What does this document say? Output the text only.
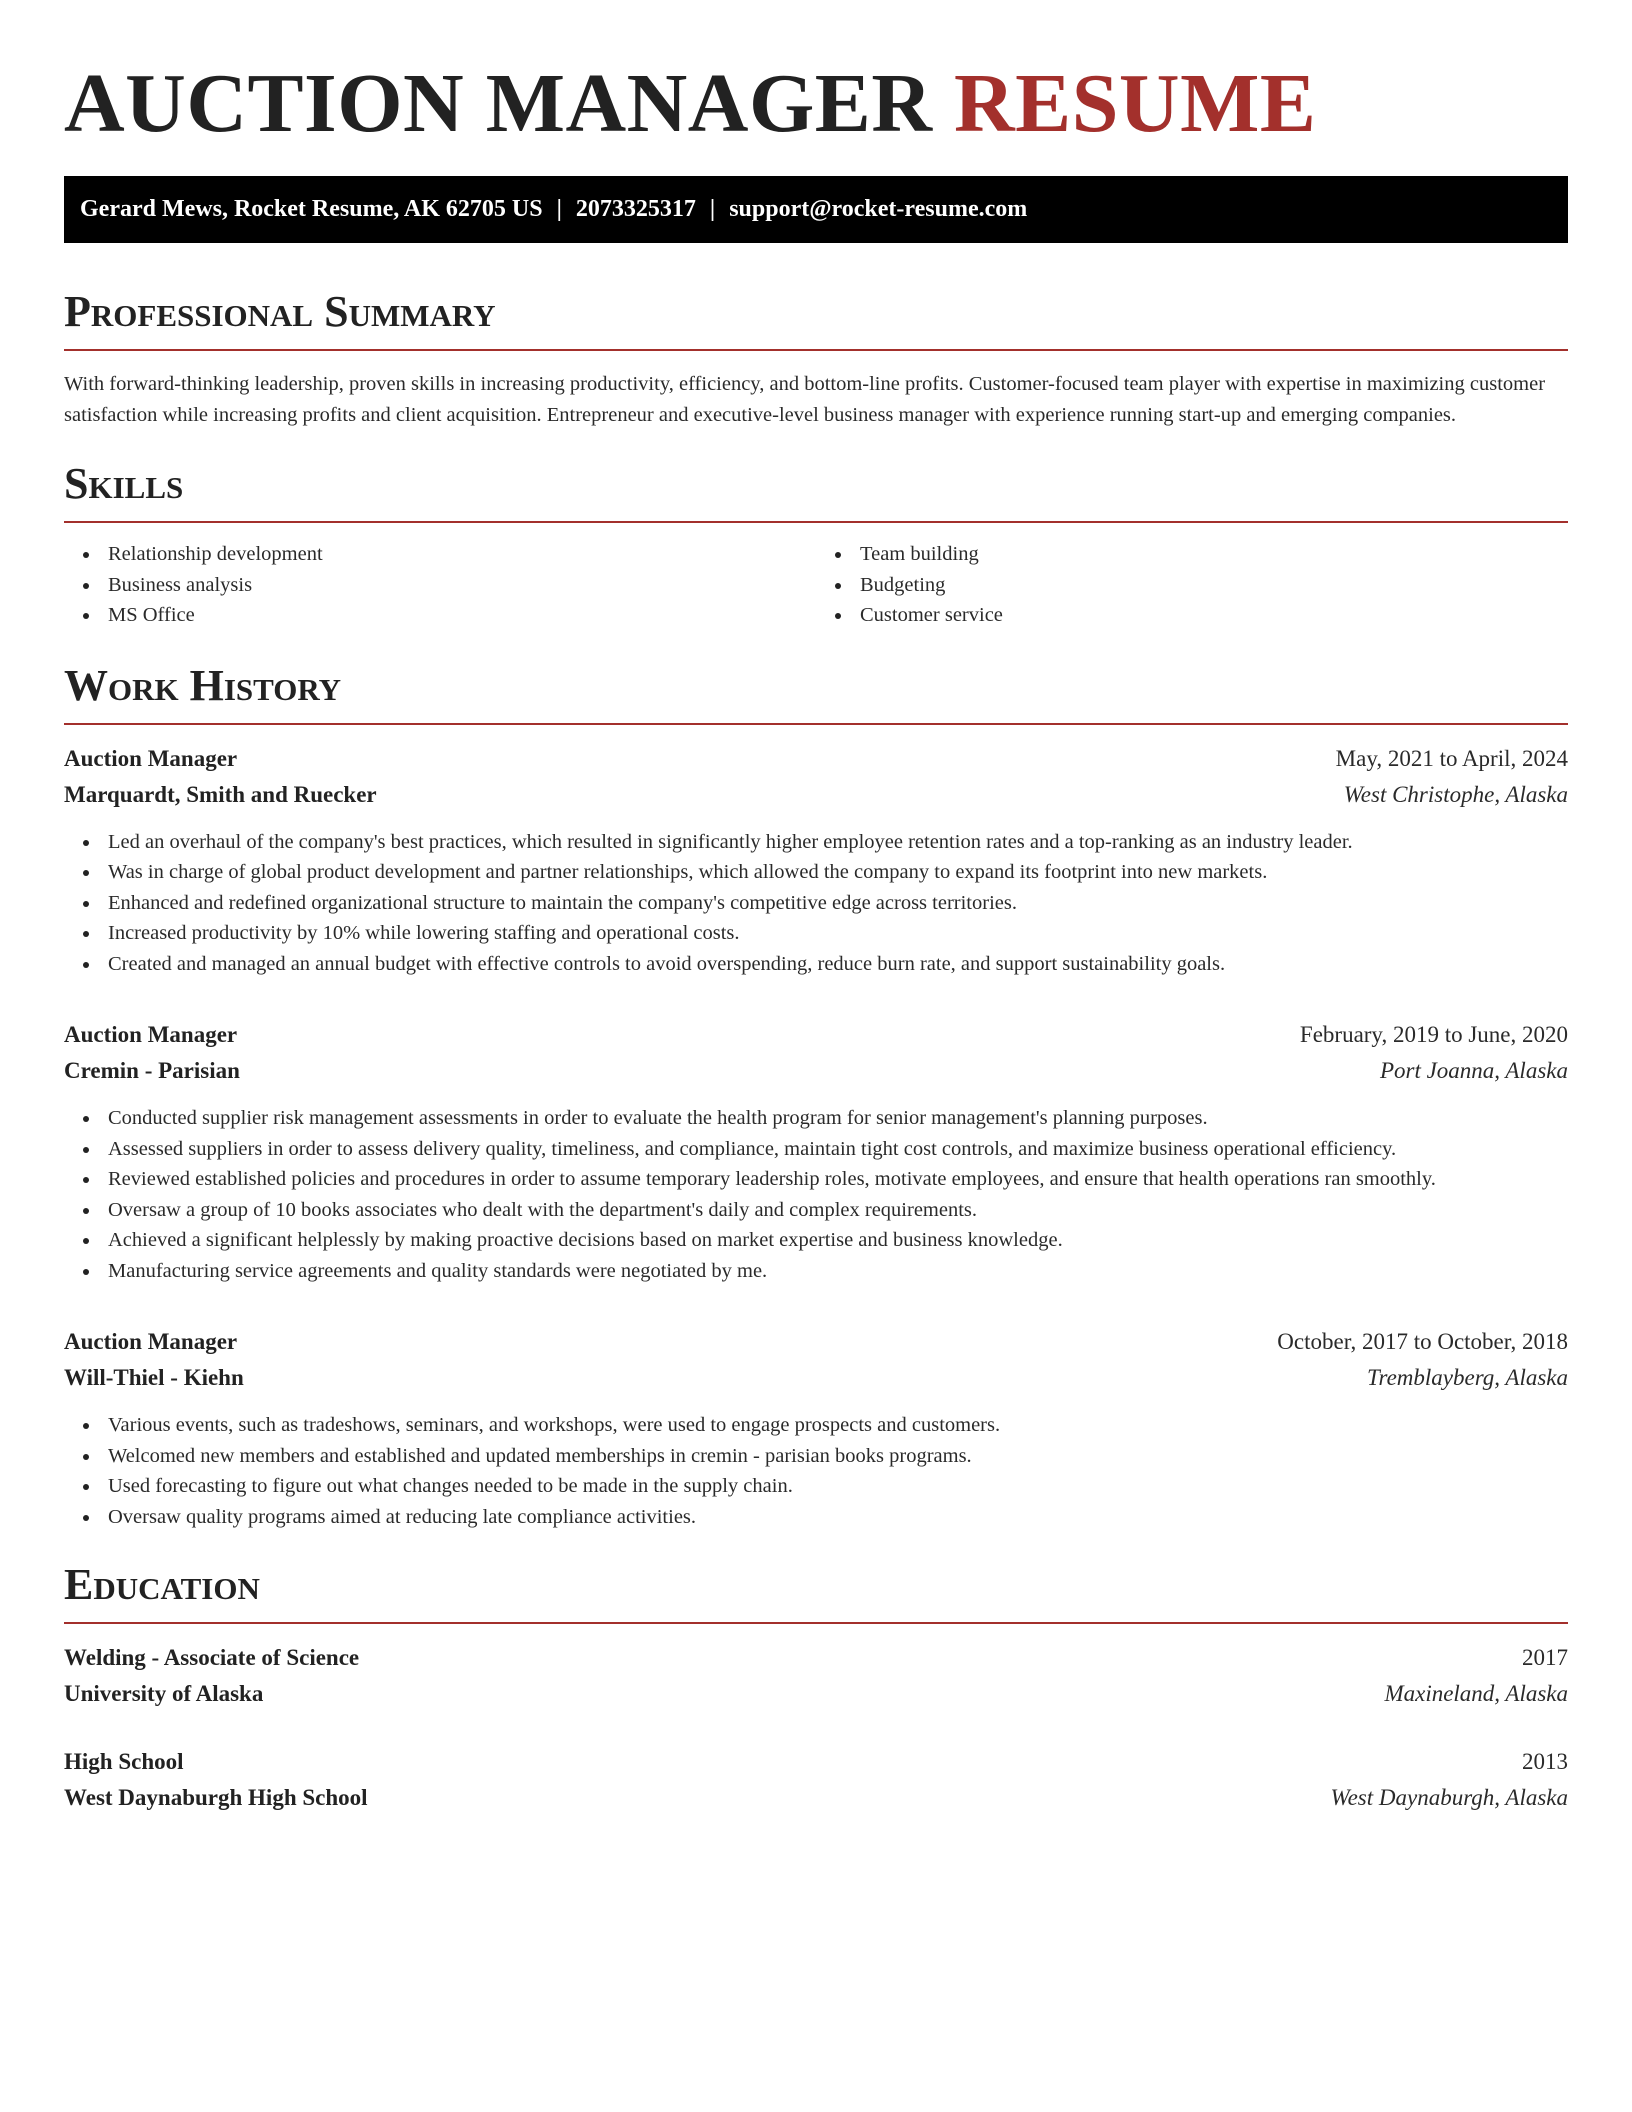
AUCTION MANAGER RESUME
Gerard Mews, Rocket Resume, AK 62705 US | 2073325317 | support@rocket-resume.com
Professional Summary

With forward-thinking leadership, proven skills in increasing productivity, efficiency, and bottom-line profits. Customer-focused team player with expertise in maximizing customer satisfaction while increasing profits and client acquisition. Entrepreneur and executive-level business manager with experience running start-up and emerging companies.

Skills
Relationship development
Business analysis
MS Office
Team building
Budgeting
Customer service
Work History
Auction Manager	May, 2021 to April, 2024
Marquardt, Smith and Ruecker	West Christophe, Alaska
Led an overhaul of the company's best practices, which resulted in significantly higher employee retention rates and a top-ranking as an industry leader.
Was in charge of global product development and partner relationships, which allowed the company to expand its footprint into new markets.
Enhanced and redefined organizational structure to maintain the company's competitive edge across territories.
Increased productivity by 10% while lowering staffing and operational costs.
Created and managed an annual budget with effective controls to avoid overspending, reduce burn rate, and support sustainability goals.
Auction Manager	February, 2019 to June, 2020
Cremin - Parisian	Port Joanna, Alaska
Conducted supplier risk management assessments in order to evaluate the health program for senior management's planning purposes.
Assessed suppliers in order to assess delivery quality, timeliness, and compliance, maintain tight cost controls, and maximize business operational efficiency.
Reviewed established policies and procedures in order to assume temporary leadership roles, motivate employees, and ensure that health operations ran smoothly.
Oversaw a group of 10 books associates who dealt with the department's daily and complex requirements.
Achieved a significant helplessly by making proactive decisions based on market expertise and business knowledge.
Manufacturing service agreements and quality standards were negotiated by me.
Auction Manager	October, 2017 to October, 2018
Will-Thiel - Kiehn	Tremblayberg, Alaska
Various events, such as tradeshows, seminars, and workshops, were used to engage prospects and customers.
Welcomed new members and established and updated memberships in cremin - parisian books programs.
Used forecasting to figure out what changes needed to be made in the supply chain.
Oversaw quality programs aimed at reducing late compliance activities.
Education
Welding - Associate of Science	2017
University of Alaska	Maxineland, Alaska
High School	2013
West Daynaburgh High School	West Daynaburgh, Alaska
